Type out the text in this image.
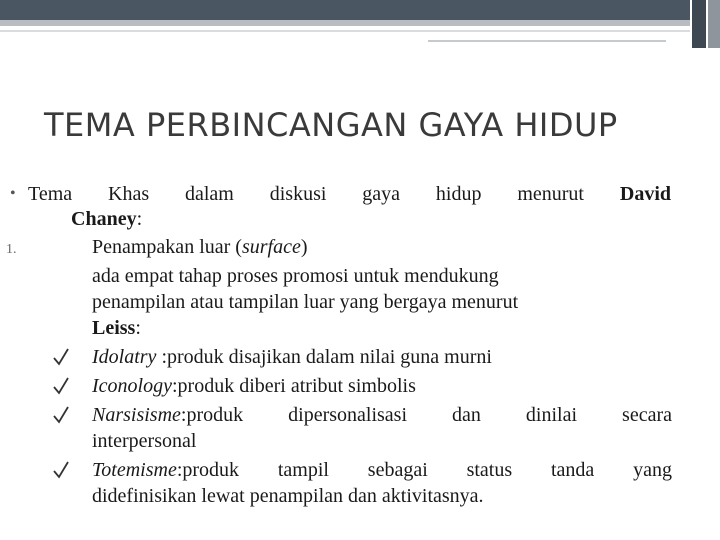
TEMA PERBINCANGAN GAYA HIDUP
• Tema Khas dalam diskusi gaya hidup menurut David
Chaney:
1.	Penampakan luar (surface)
ada empat tahap proses promosi untuk mendukung
penampilan atau tampilan luar yang bergaya menurut
Leiss:
Idolatry :produk disajikan dalam nilai guna murni
Iconology:produk diberi atribut simbolis
Narsisisme:produk dipersonalisasi dan dinilai secara
interpersonal
Totemisme:produk tampil sebagai status tanda yang
didefinisikan lewat penampilan dan aktivitasnya.
